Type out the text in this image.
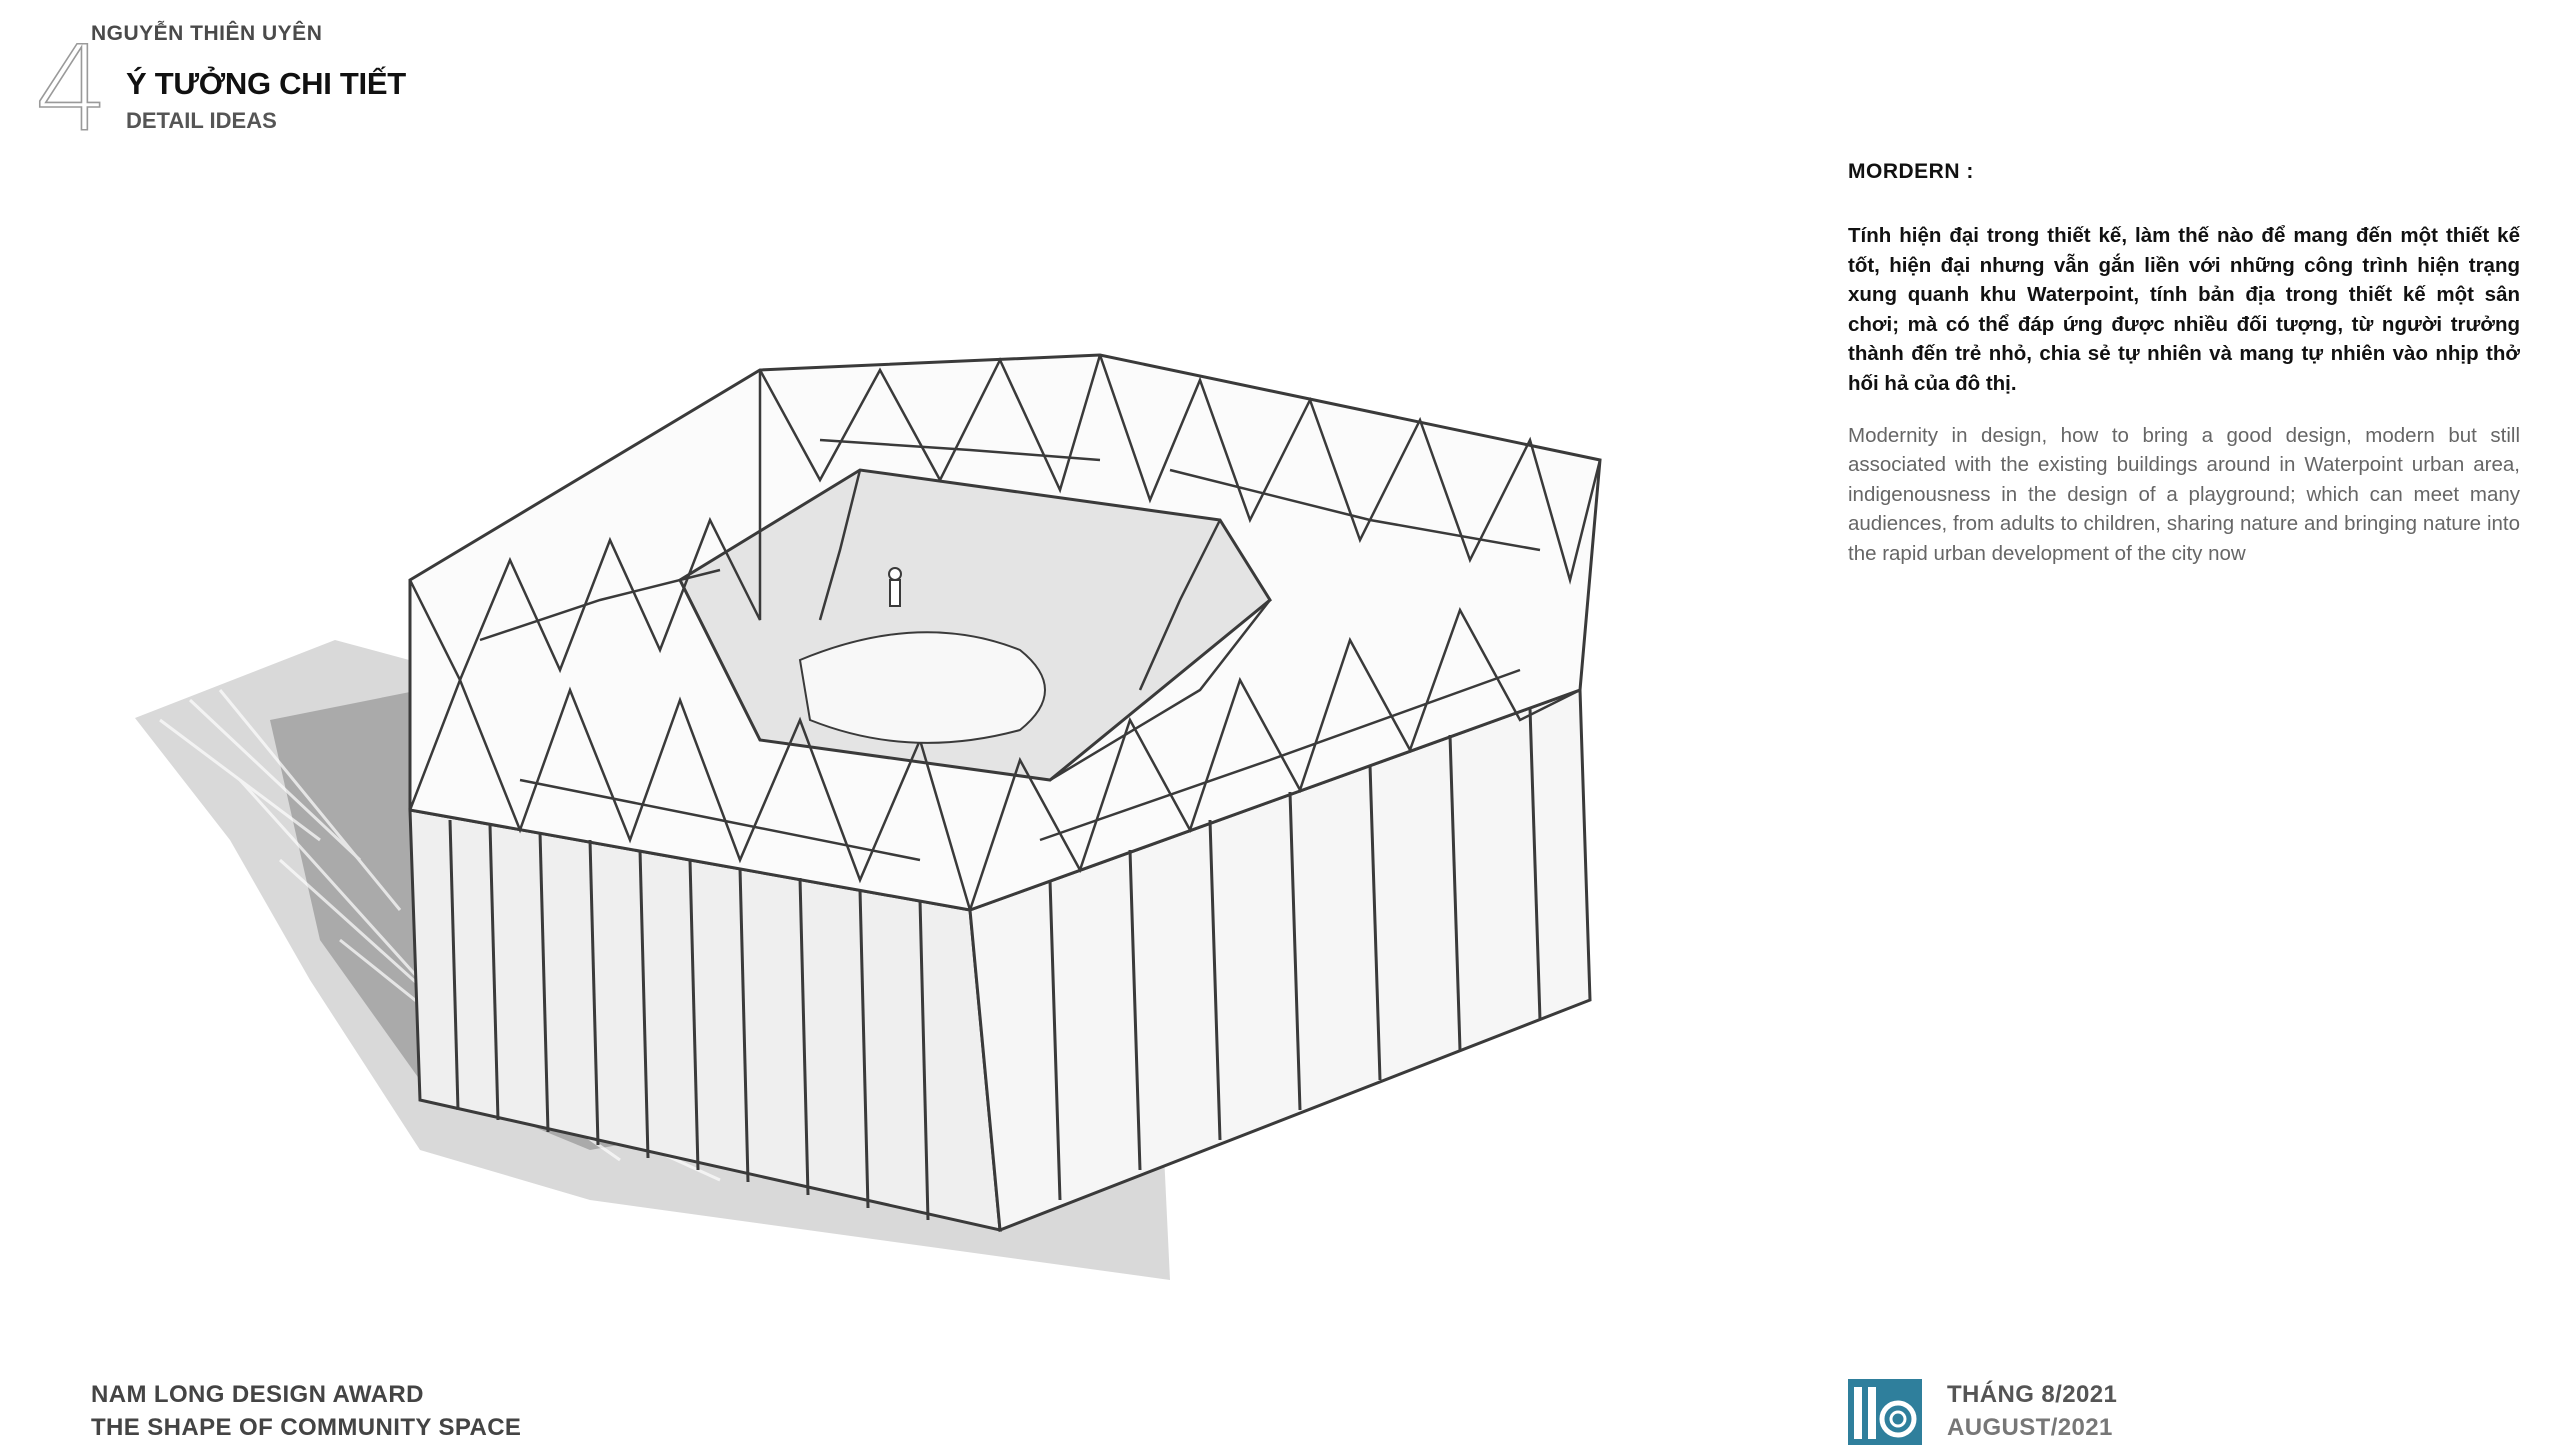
NGUYỄN THIÊN UYÊN
4 Ý TƯỞNG CHI TIẾT
DETAIL IDEAS

MORDERN :

Tính hiện đại trong thiết kế, làm thế nào để mang đến một thiết kế tốt, hiện đại nhưng vẫn gắn liền với những công trình hiện trạng xung quanh khu Waterpoint, tính bản địa trong thiết kế một sân chơi; mà có thể đáp ứng được nhiều đối tượng, từ người trưởng thành đến trẻ nhỏ, chia sẻ tự nhiên và mang tự nhiên vào nhịp thở hối hả của đô thị.

Modernity in design, how to bring a good design, modern but still associated with the existing buildings around in Waterpoint urban area, indigenousness in the design of a playground; which can meet many audiences, from adults to children, sharing nature and bringing nature into the rapid urban development of the city now

NAM LONG DESIGN AWARD
THE SHAPE OF COMMUNITY SPACE
THÁNG 8/2021
AUGUST/2021
